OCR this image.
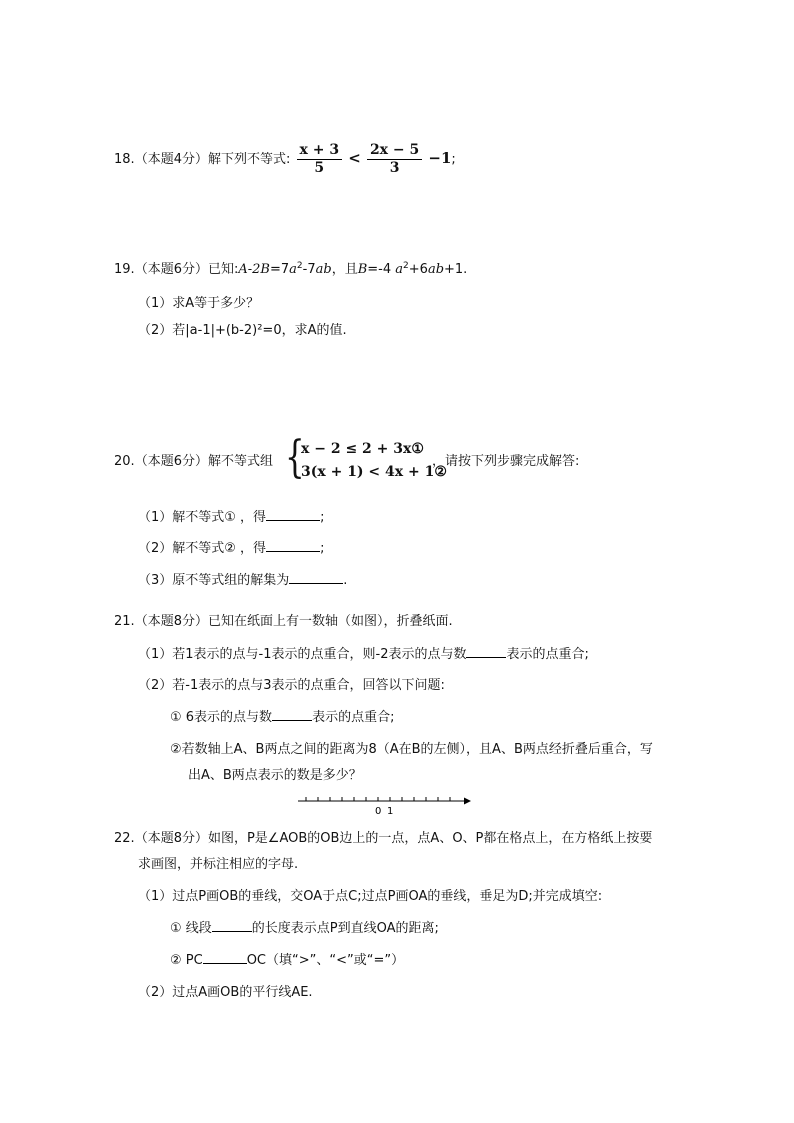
18.（本题4分）解下列不等式: $\frac{x + 3}{5} < \frac{2x - 5}{3} -1$;
19.（本题6分）已知$:A-2B=7a^2-7ab$，且B=-4 $a^2+6ab+1$.
（1）求A等于多少？
（2）若|a-1|+(b-2)²=0，求A的值.
20.（本题6分）解不等式组 {
x − 2 ≤ 2 + 3x①
3(x + 1) < 4x + 1②
，请按下列步骤完成解答:
（1）解不等式① ，得	;
（2）解不等式② ，得	;
（3）原不等式组的解集为	.
21.（本题8分）已知在纸面上有一数轴（如图），折叠纸面.
（1）若1表示的点与-1表示的点重合，则-2表示的点与数	表示的点重合;
（2）若-1表示的点与3表示的点重合，回答以下问题:
① 6表示的点与数	表示的点重合;
②若数轴上A、B两点之间的距离为8（A在B的左侧），且A、B两点经折叠后重合，写
出A、B两点表示的数是多少？
0 1
22.（本题8分）如图，P是∠AOB的OB边上的一点，点A、O、P都在格点上，在方格纸上按要
求画图，并标注相应的字母.
（1）过点P画OB的垂线，交OA于点C;过点P画OA的垂线，垂足为D;并完成填空:
① 线段	的长度表示点P到直线OA的距离;
② PC	OC（填“>”、“<”或“=”）
（2）过点A画OB的平行线AE.
